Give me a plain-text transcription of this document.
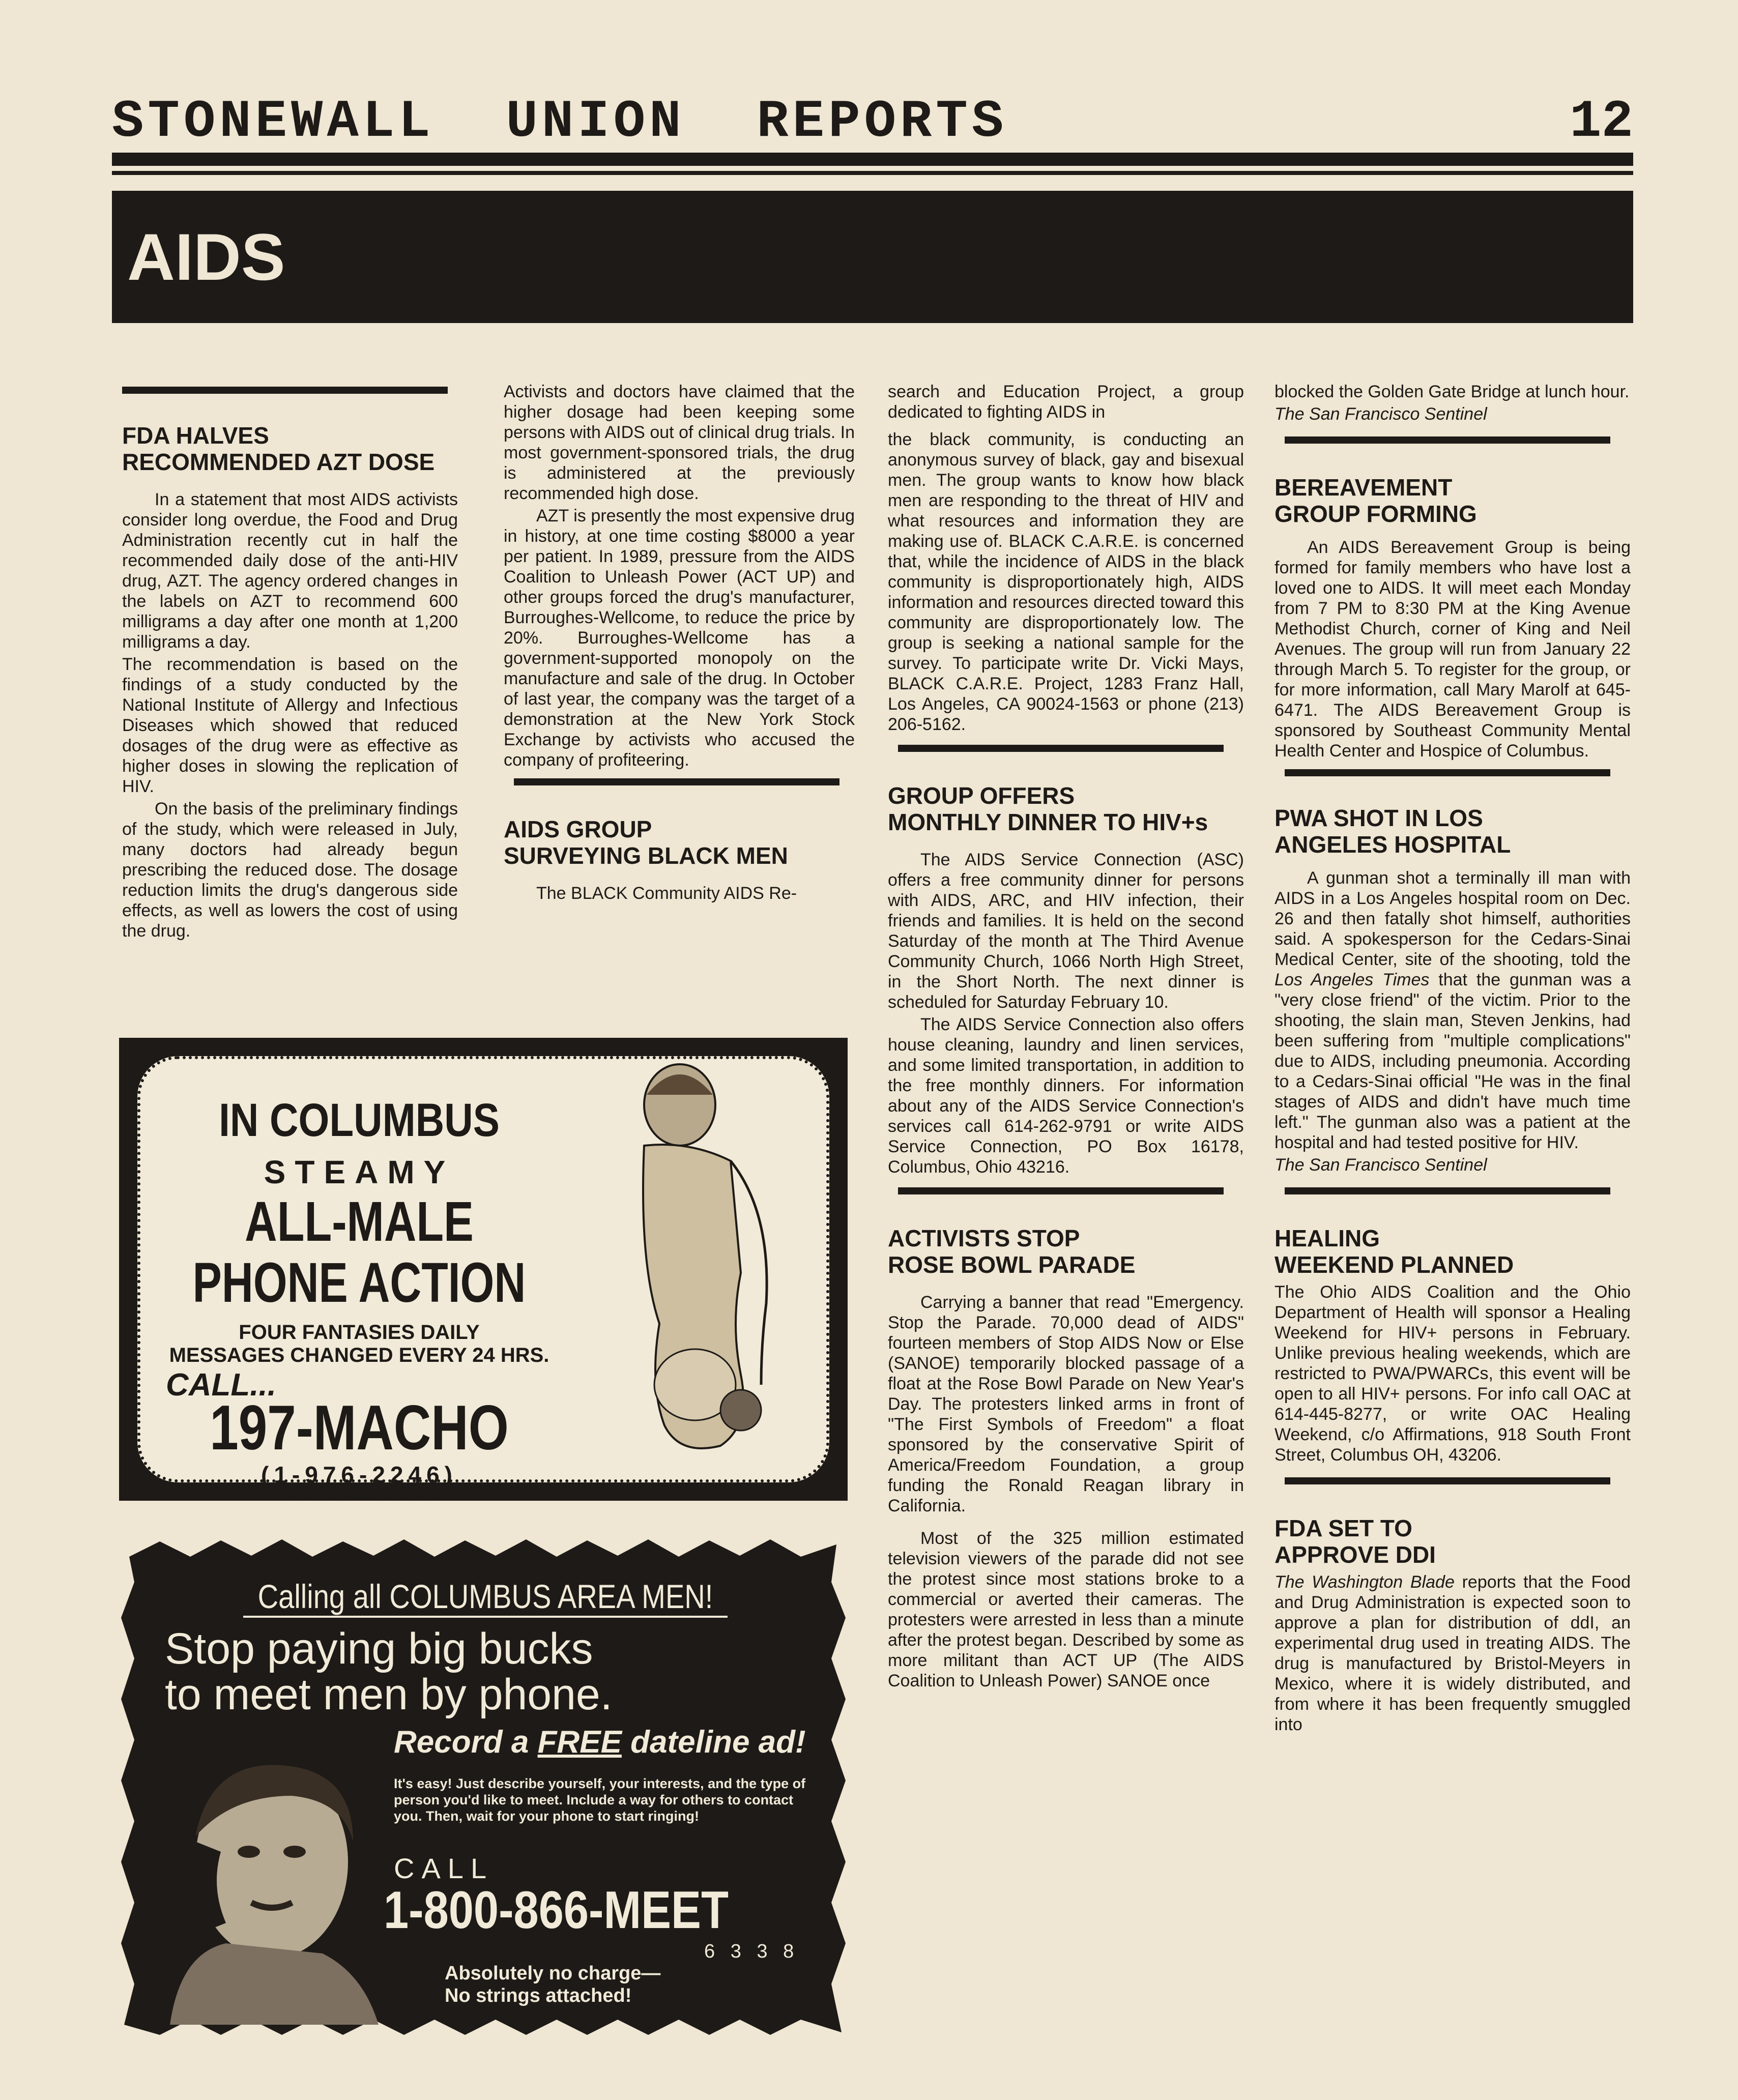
STONEWALL  UNION  REPORTS	12
AIDS
FDA HALVES
RECOMMENDED AZT DOSE

In a statement that most AIDS activists consider long overdue, the Food and Drug Administration recently cut in half the recommended daily dose of the anti-HIV drug, AZT. The agency ordered changes in the labels on AZT to recommend 600 milligrams a day after one month at 1,200 milligrams a day.

The recommendation is based on the findings of a study conducted by the National Institute of Allergy and Infectious Diseases which showed that reduced dosages of the drug were as effective as higher doses in slowing the replication of HIV.

On the basis of the preliminary findings of the study, which were released in July, many doctors had already begun prescribing the reduced dose. The dosage reduction limits the drug's dangerous side effects, as well as lowers the cost of using the drug.

Activists and doctors have claimed that the higher dosage had been keeping some persons with AIDS out of clinical drug trials. In most government-sponsored trials, the drug is administered at the previously recommended high dose.

AZT is presently the most expensive drug in history, at one time costing $8000 a year per patient. In 1989, pressure from the AIDS Coalition to Unleash Power (ACT UP) and other groups forced the drug's manufacturer, Burroughes-Wellcome, to reduce the price by 20%. Burroughes-Wellcome has a government-supported monopoly on the manufacture and sale of the drug. In October of last year, the company was the target of a demonstration at the New York Stock Exchange by activists who accused the company of profiteering.

AIDS GROUP
SURVEYING BLACK MEN

The BLACK Community AIDS Re-

search and Education Project, a group dedicated to fighting AIDS in

the black community, is conducting an anonymous survey of black, gay and bisexual men. The group wants to know how black men are responding to the threat of HIV and what resources and information they are making use of. BLACK C.A.R.E. is concerned that, while the incidence of AIDS in the black community is disproportionately high, AIDS information and resources directed toward this community are disproportionately low. The group is seeking a national sample for the survey. To participate write Dr. Vicki Mays, BLACK C.A.R.E. Project, 1283 Franz Hall, Los Angeles, CA 90024-1563 or phone (213) 206-5162.

GROUP OFFERS
MONTHLY DINNER TO HIV+s

The AIDS Service Connection (ASC) offers a free community dinner for persons with AIDS, ARC, and HIV infection, their friends and families. It is held on the second Saturday of the month at The Third Avenue Community Church, 1066 North High Street, in the Short North. The next dinner is scheduled for Saturday February 10.

The AIDS Service Connection also offers house cleaning, laundry and linen services, and some limited transportation, in addition to the free monthly dinners. For information about any of the AIDS Service Connection's services call 614-262-9791 or write AIDS Service Connection, PO Box 16178, Columbus, Ohio 43216.

ACTIVISTS STOP
ROSE BOWL PARADE

Carrying a banner that read "Emergency. Stop the Parade. 70,000 dead of AIDS" fourteen members of Stop AIDS Now or Else (SANOE) temporarily blocked passage of a float at the Rose Bowl Parade on New Year's Day. The protesters linked arms in front of "The First Symbols of Freedom" a float sponsored by the conservative Spirit of America/Freedom Foundation, a group funding the Ronald Reagan library in California.

Most of the 325 million estimated television viewers of the parade did not see the protest since most stations broke to a commercial or averted their cameras. The protesters were arrested in less than a minute after the protest began. Described by some as more militant than ACT UP (The AIDS Coalition to Unleash Power) SANOE once

blocked the Golden Gate Bridge at lunch hour.

The San Francisco Sentinel

BEREAVEMENT
GROUP FORMING

An AIDS Bereavement Group is being formed for family members who have lost a loved one to AIDS. It will meet each Monday from 7 PM to 8:30 PM at the King Avenue Methodist Church, corner of King and Neil Avenues. The group will run from January 22 through March 5. To register for the group, or for more information, call Mary Marolf at 645-6471. The AIDS Bereavement Group is sponsored by Southeast Community Mental Health Center and Hospice of Columbus.

PWA SHOT IN LOS
ANGELES HOSPITAL

A gunman shot a terminally ill man with AIDS in a Los Angeles hospital room on Dec. 26 and then fatally shot himself, authorities said. A spokesperson for the Cedars-Sinai Medical Center, site of the shooting, told the Los Angeles Times that the gunman was a "very close friend" of the victim. Prior to the shooting, the slain man, Steven Jenkins, had been suffering from "multiple complications" due to AIDS, including pneumonia. According to a Cedars-Sinai official "He was in the final stages of AIDS and didn't have much time left." The gunman also was a patient at the hospital and had tested positive for HIV.

The San Francisco Sentinel

HEALING
WEEKEND PLANNED

The Ohio AIDS Coalition and the Ohio Department of Health will sponsor a Healing Weekend for HIV+ persons in February. Unlike previous healing weekends, which are restricted to PWA/PWARCs, this event will be open to all HIV+ persons. For info call OAC at 614-445-8277, or write OAC Healing Weekend, c/o Affirmations, 918 South Front Street, Columbus OH, 43206.

FDA SET TO
APPROVE DDI

The Washington Blade reports that the Food and Drug Administration is expected soon to approve a plan for distribution of ddI, an experimental drug used in treating AIDS. The drug is manufactured by Bristol-Meyers in Mexico, where it is widely distributed, and from where it has been frequently smuggled into

IN COLUMBUS
STEAMY
ALL-MALE
PHONE ACTION
FOUR FANTASIES DAILY
MESSAGES CHANGED EVERY 24 HRS.
CALL...
197-MACHO
(1-976-2246)
99¢ F.M./39¢ E.A. ½-MIN.
Calling all COLUMBUS AREA MEN!
Stop paying big bucks
to meet men by phone.
Record a FREE dateline ad!
It's easy! Just describe yourself, your interests, and the type of person you'd like to meet. Include a way for others to contact you. Then, wait for your phone to start ringing!
CALL
1-800-866-MEET
6 3 3 8
Absolutely no charge—
No strings attached!
